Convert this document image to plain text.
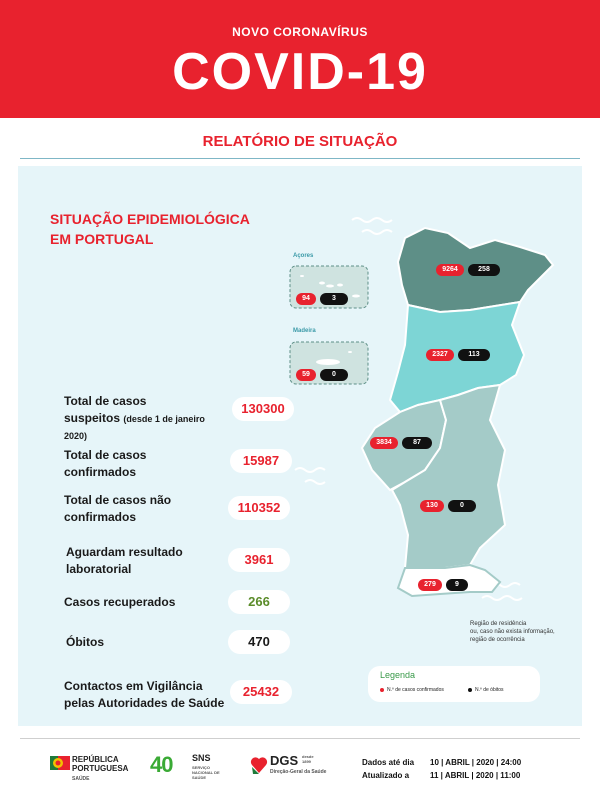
NOVO CORONAVÍRUS
COVID-19
RELATÓRIO DE SITUAÇÃO
SITUAÇÃO EPIDEMIOLÓGICA
EM PORTUGAL
Açores
Madeira
9264	258
2327	113
3834	87
130	0
279	9
94	3
59	0
Total de casos
suspeitos (desde 1 de janeiro
2020)
130300
Total de casos
confirmados
15987
Total de casos não
confirmados
110352
Aguardam resultado
laboratorial
3961
Casos recuperados	266
Óbitos	470
Contactos em Vigilância
pelas Autoridades de Saúde
25432
Região de residência
ou, caso não exista informação,
região de ocorrência
Legenda
N.º de casos confirmados	N.º de óbitos
REPÚBLICA
PORTUGUESA
SAÚDE
40 SNS
SERVIÇO NACIONAL DE SAÚDE
DGS desde 1899
Direção-Geral da Saúde
Dados até dia 10 | ABRIL | 2020 | 24:00
Atualizado a	11 | ABRIL | 2020 | 11:00
